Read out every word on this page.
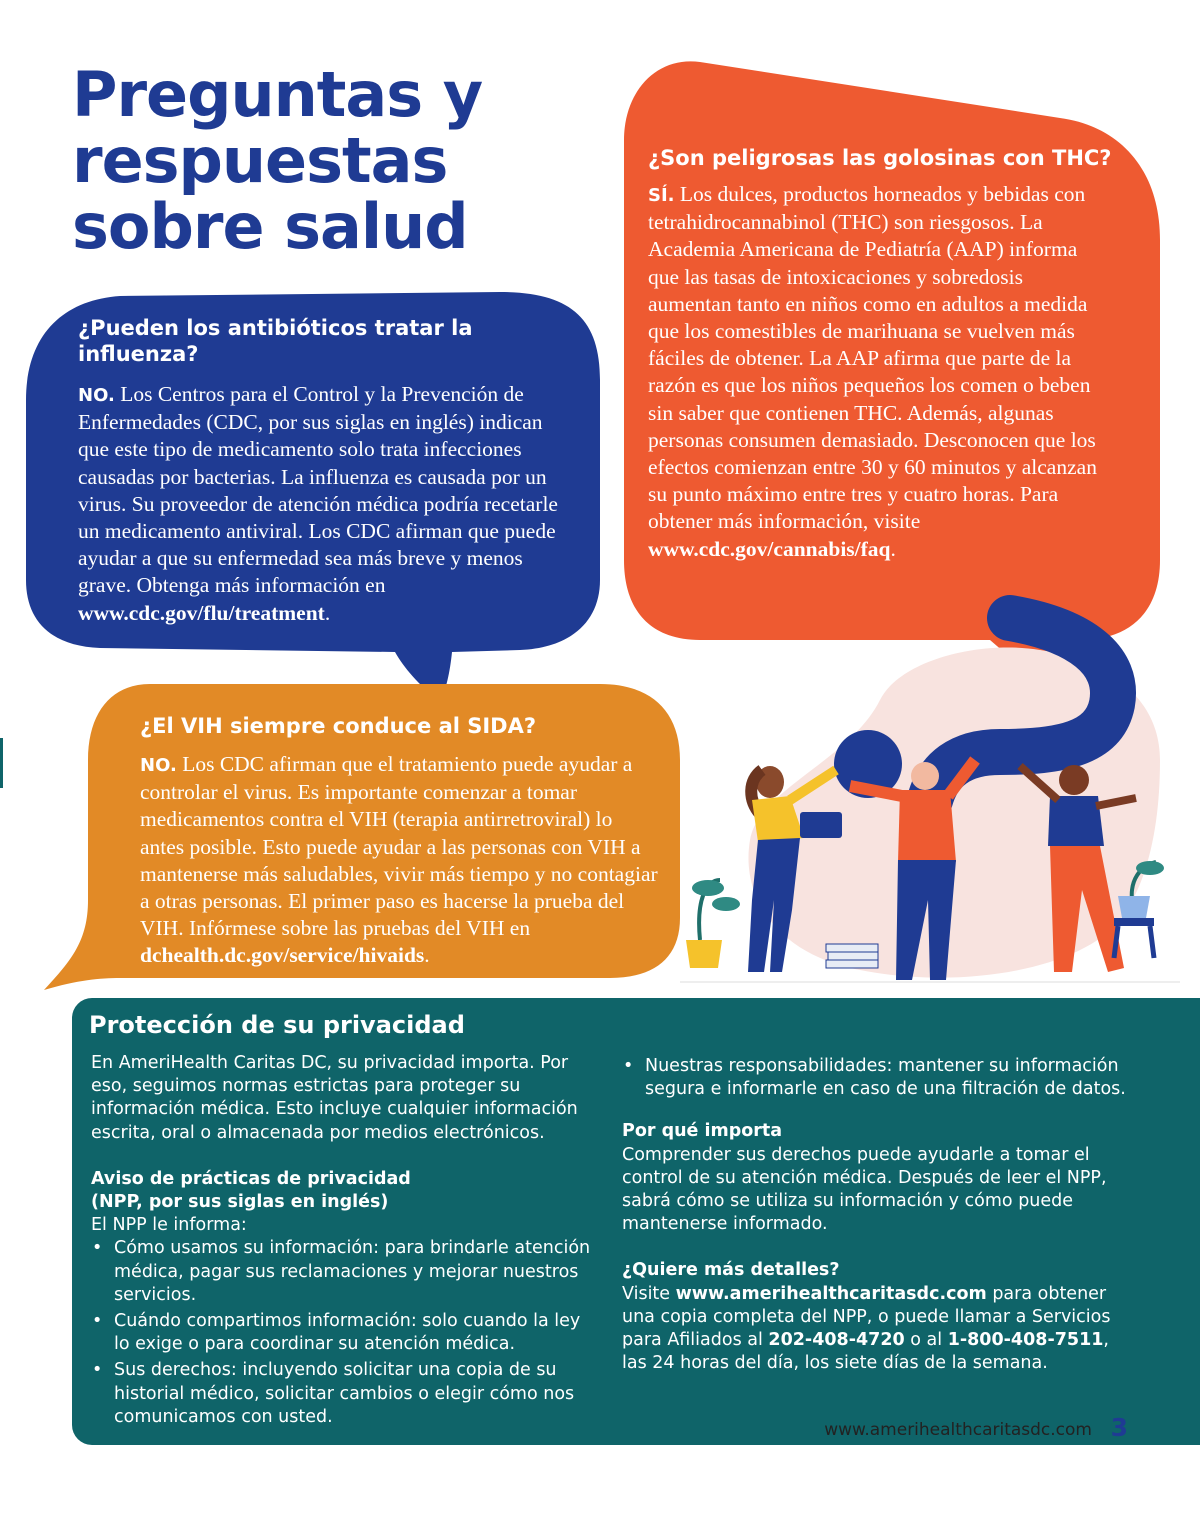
Preguntas y
respuestas
sobre salud

¿Pueden los antibióticos tratar la influenza?

NO. Los Centros para el Control y la Prevención de Enfermedades (CDC, por sus siglas en inglés) indican que este tipo de medicamento solo trata infecciones causadas por bacterias. La influenza es causada por un virus. Su proveedor de atención médica podría recetarle un medicamento antiviral. Los CDC afirman que puede ayudar a que su enfermedad sea más breve y menos grave. Obtenga más información en www.cdc.gov/flu/treatment.

¿Son peligrosas las golosinas con THC?

SÍ. Los dulces, productos horneados y bebidas con tetrahidrocannabinol (THC) son riesgosos. La Academia Americana de Pediatría (AAP) informa que las tasas de intoxicaciones y sobredosis aumentan tanto en niños como en adultos a medida que los comestibles de marihuana se vuelven más fáciles de obtener. La AAP afirma que parte de la razón es que los niños pequeños los comen o beben sin saber que contienen THC. Además, algunas personas consumen demasiado. Desconocen que los efectos comienzan entre 30 y 60 minutos y alcanzan su punto máximo entre tres y cuatro horas. Para obtener más información, visite www.cdc.gov/cannabis/faq.

¿El VIH siempre conduce al SIDA?

NO. Los CDC afirman que el tratamiento puede ayudar a controlar el virus. Es importante comenzar a tomar medicamentos contra el VIH (terapia antirretroviral) lo antes posible. Esto puede ayudar a las personas con VIH a mantenerse más saludables, vivir más tiempo y no contagiar a otras personas. El primer paso es hacerse la prueba del VIH. Infórmese sobre las pruebas del VIH en dchealth.dc.gov/service/hivaids.

Protección de su privacidad

En AmeriHealth Caritas DC, su privacidad importa. Por eso, seguimos normas estrictas para proteger su información médica. Esto incluye cualquier información escrita, oral o almacenada por medios electrónicos.

Aviso de prácticas de privacidad
(NPP, por sus siglas en inglés)

El NPP le informa:

• Cómo usamos su información: para brindarle atención médica, pagar sus reclamaciones y mejorar nuestros servicios.
• Cuándo compartimos información: solo cuando la ley lo exige o para coordinar su atención médica.
• Sus derechos: incluyendo solicitar una copia de su historial médico, solicitar cambios o elegir cómo nos comunicamos con usted.
• Nuestras responsabilidades: mantener su información segura e informarle en caso de una filtración de datos.

Por qué importa

Comprender sus derechos puede ayudarle a tomar el control de su atención médica. Después de leer el NPP, sabrá cómo se utiliza su información y cómo puede mantenerse informado.

¿Quiere más detalles?

Visite www.amerihealthcaritasdc.com para obtener una copia completa del NPP, o puede llamar a Servicios para Afiliados al 202-408-4720 o al 1-800-408-7511, las 24 horas del día, los siete días de la semana.

www.amerihealthcaritasdc.com 3
